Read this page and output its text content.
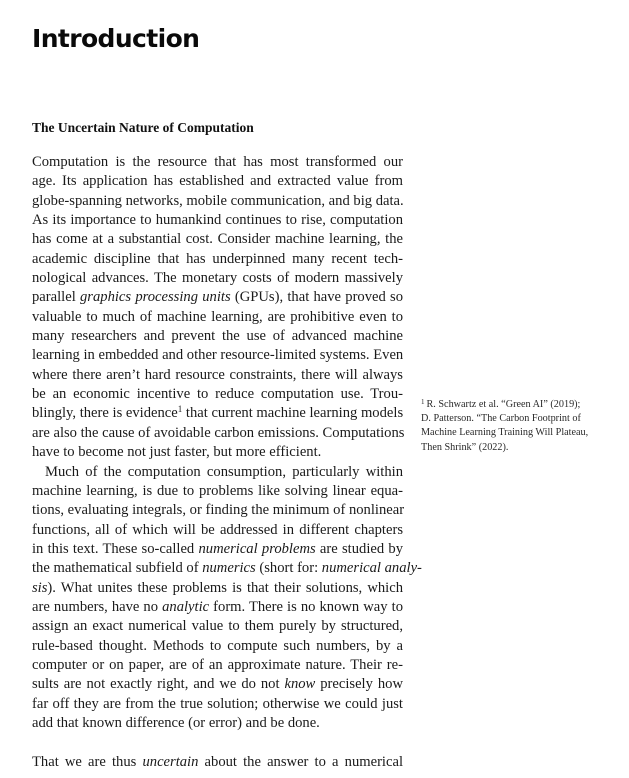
Introduction
The Uncertain Nature of Computation
Computation is the resource that has most transformed our
age. Its application has established and extracted value from
globe-spanning networks, mobile communication, and big data.
As its importance to humankind continues to rise, computation
has come at a substantial cost. Consider machine learning, the
academic discipline that has underpinned many recent tech-
nological advances. The monetary costs of modern massively
parallel graphics processing units (GPUs), that have proved so
valuable to much of machine learning, are prohibitive even to
many researchers and prevent the use of advanced machine
learning in embedded and other resource-limited systems. Even
where there aren’t hard resource constraints, there will always
be an economic incentive to reduce computation use. Trou-
blingly, there is evidence$^1$ that current machine learning models
are also the cause of avoidable carbon emissions. Computations
have to become not just faster, but more efficient.
Much of the computation consumption, particularly within
machine learning, is due to problems like solving linear equa-
tions, evaluating integrals, or finding the minimum of nonlinear
functions, all of which will be addressed in different chapters
in this text. These so-called numerical problems are studied by
the mathematical subfield of numerics (short for: numerical analy-
sis). What unites these problems is that their solutions, which
are numbers, have no analytic form. There is no known way to
assign an exact numerical value to them purely by structured,
rule-based thought. Methods to compute such numbers, by a
computer or on paper, are of an approximate nature. Their re-
sults are not exactly right, and we do not know precisely how
far off they are from the true solution; otherwise we could just
add that known difference (or error) and be done.
That we are thus uncertain about the answer to a numerical
$^1$ R. Schwartz et al. “Green AI” (2019);
D. Patterson. “The Carbon Footprint of
Machine Learning Training Will Plateau,
Then Shrink” (2022).
